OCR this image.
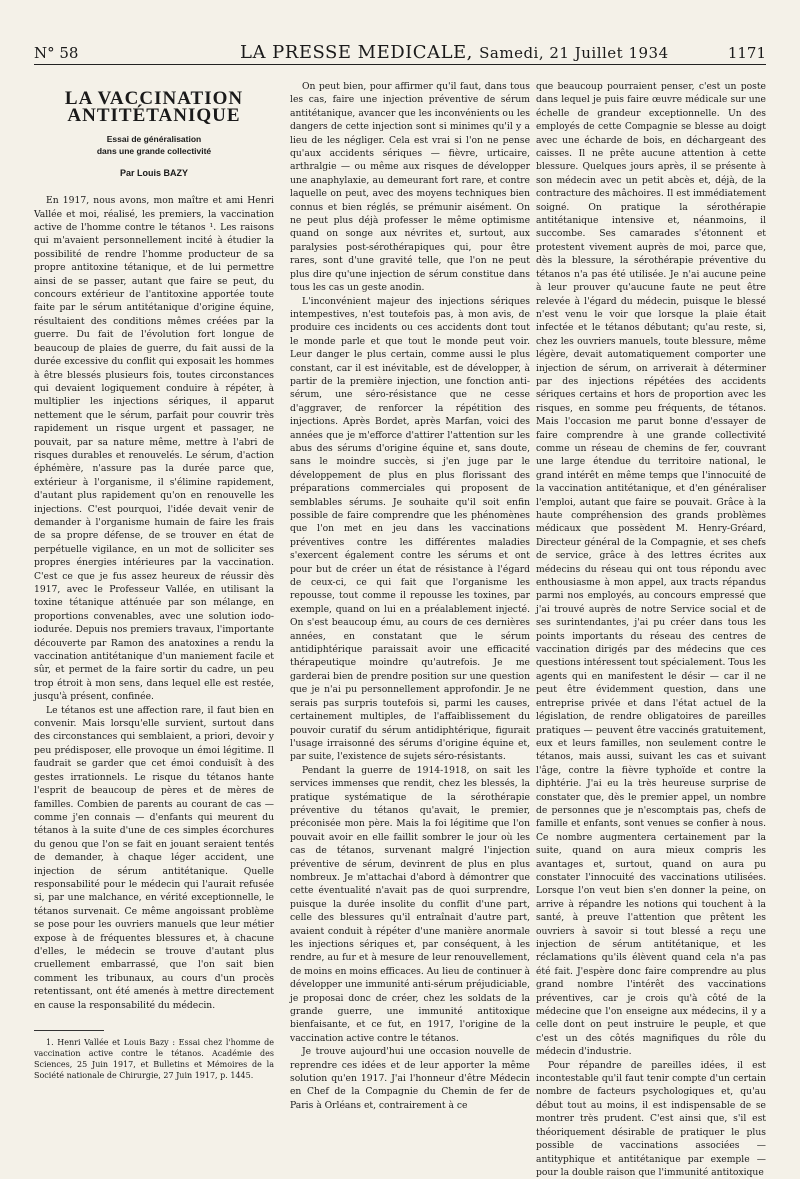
N° 58	LA PRESSE MEDICALE, Samedi, 21 Juillet 1934	1171
LA VACCINATION
ANTITÉTANIQUE
Essai de généralisation
dans une grande collectivité
Par Louis BAZY

En 1917, nous avons, mon maître et ami Henri Vallée et moi, réalisé, les premiers, la vaccination active de l'homme contre le tétanos ¹. Les raisons qui m'avaient personnellement incité à étudier la possibilité de rendre l'homme producteur de sa propre antitoxine tétanique, et de lui permettre ainsi de se passer, autant que faire se peut, du concours extérieur de l'antitoxine apportée toute faite par le sérum antitétanique d'origine équine, résultaient des conditions mêmes créées par la guerre. Du fait de l'évolution fort longue de beaucoup de plaies de guerre, du fait aussi de la durée excessive du conflit qui exposait les hommes à être blessés plusieurs fois, toutes circonstances qui devaient logiquement conduire à répéter, à multiplier les injections sériques, il apparut nettement que le sérum, parfait pour couvrir très rapidement un risque urgent et passager, ne pouvait, par sa nature même, mettre à l'abri de risques durables et renouvelés. Le sérum, d'action éphémère, n'assure pas la durée parce que, extérieur à l'organisme, il s'élimine rapidement, d'autant plus rapidement qu'on en renouvelle les injections. C'est pourquoi, l'idée devait venir de demander à l'organisme humain de faire les frais de sa propre défense, de se trouver en état de perpétuelle vigilance, en un mot de solliciter ses propres énergies intérieures par la vaccination. C'est ce que je fus assez heureux de réussir dès 1917, avec le Professeur Vallée, en utilisant la toxine tétanique atténuée par son mélange, en proportions convenables, avec une solution iodo-iodurée. Depuis nos premiers travaux, l'importante découverte par Ramon des anatoxines a rendu la vaccination antitétanique d'un maniement facile et sûr, et permet de la faire sortir du cadre, un peu trop étroit à mon sens, dans lequel elle est restée, jusqu'à présent, confinée.

Le tétanos est une affection rare, il faut bien en convenir. Mais lorsqu'elle survient, surtout dans des circonstances qui semblaient, a priori, devoir y peu prédisposer, elle provoque un émoi légitime. Il faudrait se garder que cet émoi conduisît à des gestes irrationnels. Le risque du tétanos hante l'esprit de beaucoup de pères et de mères de familles. Combien de parents au courant de cas — comme j'en connais — d'enfants qui meurent du tétanos à la suite d'une de ces simples écorchures du genou que l'on se fait en jouant seraient tentés de demander, à chaque léger accident, une injection de sérum antitétanique. Quelle responsabilité pour le médecin qui l'aurait refusée si, par une malchance, en vérité exceptionnelle, le tétanos survenait. Ce même angoissant problème se pose pour les ouvriers manuels que leur métier expose à de fréquentes blessures et, à chacune d'elles, le médecin se trouve d'autant plus cruellement embarrassé, que l'on sait bien comment les tribunaux, au cours d'un procès retentissant, ont été amenés à mettre directement en cause la responsabilité du médecin.

1. Henri Vallée et Louis Bazy : Essai chez l'homme de vaccination active contre le tétanos. Académie des Sciences, 25 Juin 1917, et Bulletins et Mémoires de la Société nationale de Chirurgie, 27 Juin 1917, p. 1445.

On peut bien, pour affirmer qu'il faut, dans tous les cas, faire une injection préventive de sérum antitétanique, avancer que les inconvénients ou les dangers de cette injection sont si minimes qu'il y a lieu de les négliger. Cela est vrai si l'on ne pense qu'aux accidents sériques — fièvre, urticaire, arthralgie — ou même aux risques de développer une anaphylaxie, au demeurant fort rare, et contre laquelle on peut, avec des moyens techniques bien connus et bien réglés, se prémunir aisément. On ne peut plus déjà professer le même optimisme quand on songe aux névrites et, surtout, aux paralysies post-sérothérapiques qui, pour être rares, sont d'une gravité telle, que l'on ne peut plus dire qu'une injection de sérum constitue dans tous les cas un geste anodin.

L'inconvénient majeur des injections sériques intempestives, n'est toutefois pas, à mon avis, de produire ces incidents ou ces accidents dont tout le monde parle et que tout le monde peut voir. Leur danger le plus certain, comme aussi le plus constant, car il est inévitable, est de développer, à partir de la première injection, une fonction anti-sérum, une séro-résistance que ne cesse d'aggraver, de renforcer la répétition des injections. Après Bordet, après Marfan, voici des années que je m'efforce d'attirer l'attention sur les abus des sérums d'origine équine et, sans doute, sans le moindre succès, si j'en juge par le développement de plus en plus florissant des préparations commerciales qui proposent de semblables sérums. Je souhaite qu'il soit enfin possible de faire comprendre que les phénomènes que l'on met en jeu dans les vaccinations préventives contre les différentes maladies s'exercent également contre les sérums et ont pour but de créer un état de résistance à l'égard de ceux-ci, ce qui fait que l'organisme les repousse, tout comme il repousse les toxines, par exemple, quand on lui en a préalablement injecté. On s'est beaucoup ému, au cours de ces dernières années, en constatant que le sérum antidiphtérique paraissait avoir une efficacité thérapeutique moindre qu'autrefois. Je me garderai bien de prendre position sur une question que je n'ai pu personnellement approfondir. Je ne serais pas surpris toutefois si, parmi les causes, certainement multiples, de l'affaiblissement du pouvoir curatif du sérum antidiphtérique, figurait l'usage irraisonné des sérums d'origine équine et, par suite, l'existence de sujets séro-résistants.

Pendant la guerre de 1914-1918, on sait les services immenses que rendit, chez les blessés, la pratique systématique de la sérothérapie préventive du tétanos qu'avait, le premier, préconisée mon père. Mais la foi légitime que l'on pouvait avoir en elle faillit sombrer le jour où les cas de tétanos, survenant malgré l'injection préventive de sérum, devinrent de plus en plus nombreux. Je m'attachai d'abord à démontrer que cette éventualité n'avait pas de quoi surprendre, puisque la durée insolite du conflit d'une part, celle des blessures qu'il entraînait d'autre part, avaient conduit à répéter d'une manière anormale les injections sériques et, par conséquent, à les rendre, au fur et à mesure de leur renouvellement, de moins en moins efficaces. Au lieu de continuer à développer une immunité anti-sérum préjudiciable, je proposai donc de créer, chez les soldats de la grande guerre, une immunité antitoxique bienfaisante, et ce fut, en 1917, l'origine de la vaccination active contre le tétanos.

Je trouve aujourd'hui une occasion nouvelle de reprendre ces idées et de leur apporter la même solution qu'en 1917. J'ai l'honneur d'être Médecin en Chef de la Compagnie du Chemin de fer de Paris à Orléans et, contrairement à ce

que beaucoup pourraient penser, c'est un poste dans lequel je puis faire œuvre médicale sur une échelle de grandeur exceptionnelle. Un des employés de cette Compagnie se blesse au doigt avec une écharde de bois, en déchargeant des caisses. Il ne prête aucune attention à cette blessure. Quelques jours après, il se présente à son médecin avec un petit abcès et, déjà, de la contracture des mâchoires. Il est immédiatement soigné. On pratique la sérothérapie antitétanique intensive et, néanmoins, il succombe. Ses camarades s'étonnent et protestent vivement auprès de moi, parce que, dès la blessure, la sérothérapie préventive du tétanos n'a pas été utilisée. Je n'ai aucune peine à leur prouver qu'aucune faute ne peut être relevée à l'égard du médecin, puisque le blessé n'est venu le voir que lorsque la plaie était infectée et le tétanos débutant; qu'au reste, si, chez les ouvriers manuels, toute blessure, même légère, devait automatiquement comporter une injection de sérum, on arriverait à déterminer par des injections répétées des accidents sériques certains et hors de proportion avec les risques, en somme peu fréquents, de tétanos. Mais l'occasion me parut bonne d'essayer de faire comprendre à une grande collectivité comme un réseau de chemins de fer, couvrant une large étendue du territoire national, le grand intérêt en même temps que l'innocuité de la vaccination antitétanique, et d'en généraliser l'emploi, autant que faire se pouvait. Grâce à la haute compréhension des grands problèmes médicaux que possèdent M. Henry-Gréard, Directeur général de la Compagnie, et ses chefs de service, grâce à des lettres écrites aux médecins du réseau qui ont tous répondu avec enthousiasme à mon appel, aux tracts répandus parmi nos employés, au concours empressé que j'ai trouvé auprès de notre Service social et de ses surintendantes, j'ai pu créer dans tous les points importants du réseau des centres de vaccination dirigés par des médecins que ces questions intéressent tout spécialement. Tous les agents qui en manifestent le désir — car il ne peut être évidemment question, dans une entreprise privée et dans l'état actuel de la législation, de rendre obligatoires de pareilles pratiques — peuvent être vaccinés gratuitement, eux et leurs familles, non seulement contre le tétanos, mais aussi, suivant les cas et suivant l'âge, contre la fièvre typhoïde et contre la diphtérie. J'ai eu la très heureuse surprise de constater que, dès le premier appel, un nombre de personnes que je n'escomptais pas, chefs de famille et enfants, sont venues se confier à nous. Ce nombre augmentera certainement par la suite, quand on aura mieux compris les avantages et, surtout, quand on aura pu constater l'innocuité des vaccinations utilisées. Lorsque l'on veut bien s'en donner la peine, on arrive à répandre les notions qui touchent à la santé, à preuve l'attention que prêtent les ouvriers à savoir si tout blessé a reçu une injection de sérum antitétanique, et les réclamations qu'ils élèvent quand cela n'a pas été fait. J'espère donc faire comprendre au plus grand nombre l'intérêt des vaccinations préventives, car je crois qu'à côté de la médecine que l'on enseigne aux médecins, il y a celle dont on peut instruire le peuple, et que c'est un des côtés magnifiques du rôle du médecin d'industrie.

Pour répandre de pareilles idées, il est incontestable qu'il faut tenir compte d'un certain nombre de facteurs psychologiques et, qu'au début tout au moins, il est indispensable de se montrer très prudent. C'est ainsi que, s'il est théoriquement désirable de pratiquer le plus possible de vaccinations associées — antityphique et antitétanique par exemple — pour la double raison que l'immunité antitoxique
